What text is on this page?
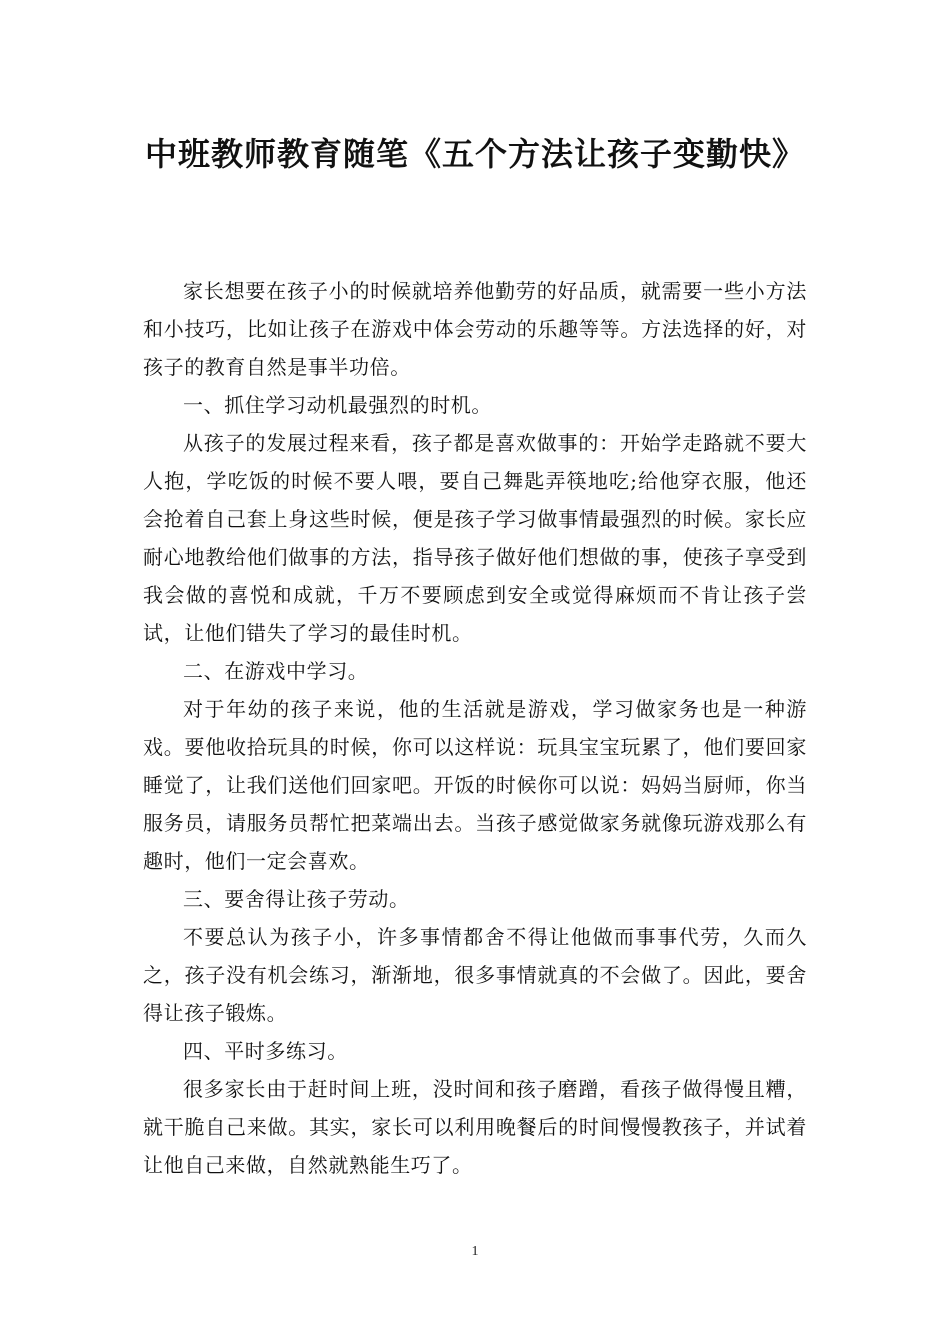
中班教师教育随笔《五个方法让孩子变勤快》

家长想要在孩子小的时候就培养他勤劳的好品质，就需要一些小方法和小技巧，比如让孩子在游戏中体会劳动的乐趣等等。方法选择的好，对孩子的教育自然是事半功倍。

一、抓住学习动机最强烈的时机。

从孩子的发展过程来看，孩子都是喜欢做事的：开始学走路就不要大人抱，学吃饭的时候不要人喂，要自己舞匙弄筷地吃;给他穿衣服，他还会抢着自己套上身这些时候，便是孩子学习做事情最强烈的时候。家长应耐心地教给他们做事的方法，指导孩子做好他们想做的事，使孩子享受到我会做的喜悦和成就，千万不要顾虑到安全或觉得麻烦而不肯让孩子尝试，让他们错失了学习的最佳时机。

二、在游戏中学习。

对于年幼的孩子来说，他的生活就是游戏，学习做家务也是一种游戏。要他收拾玩具的时候，你可以这样说：玩具宝宝玩累了，他们要回家睡觉了，让我们送他们回家吧。开饭的时候你可以说：妈妈当厨师，你当服务员，请服务员帮忙把菜端出去。当孩子感觉做家务就像玩游戏那么有趣时，他们一定会喜欢。

三、要舍得让孩子劳动。

不要总认为孩子小，许多事情都舍不得让他做而事事代劳，久而久之，孩子没有机会练习，渐渐地，很多事情就真的不会做了。因此，要舍得让孩子锻炼。

四、平时多练习。

很多家长由于赶时间上班，没时间和孩子磨蹭，看孩子做得慢且糟，就干脆自己来做。其实，家长可以利用晚餐后的时间慢慢教孩子，并试着让他自己来做，自然就熟能生巧了。

1
